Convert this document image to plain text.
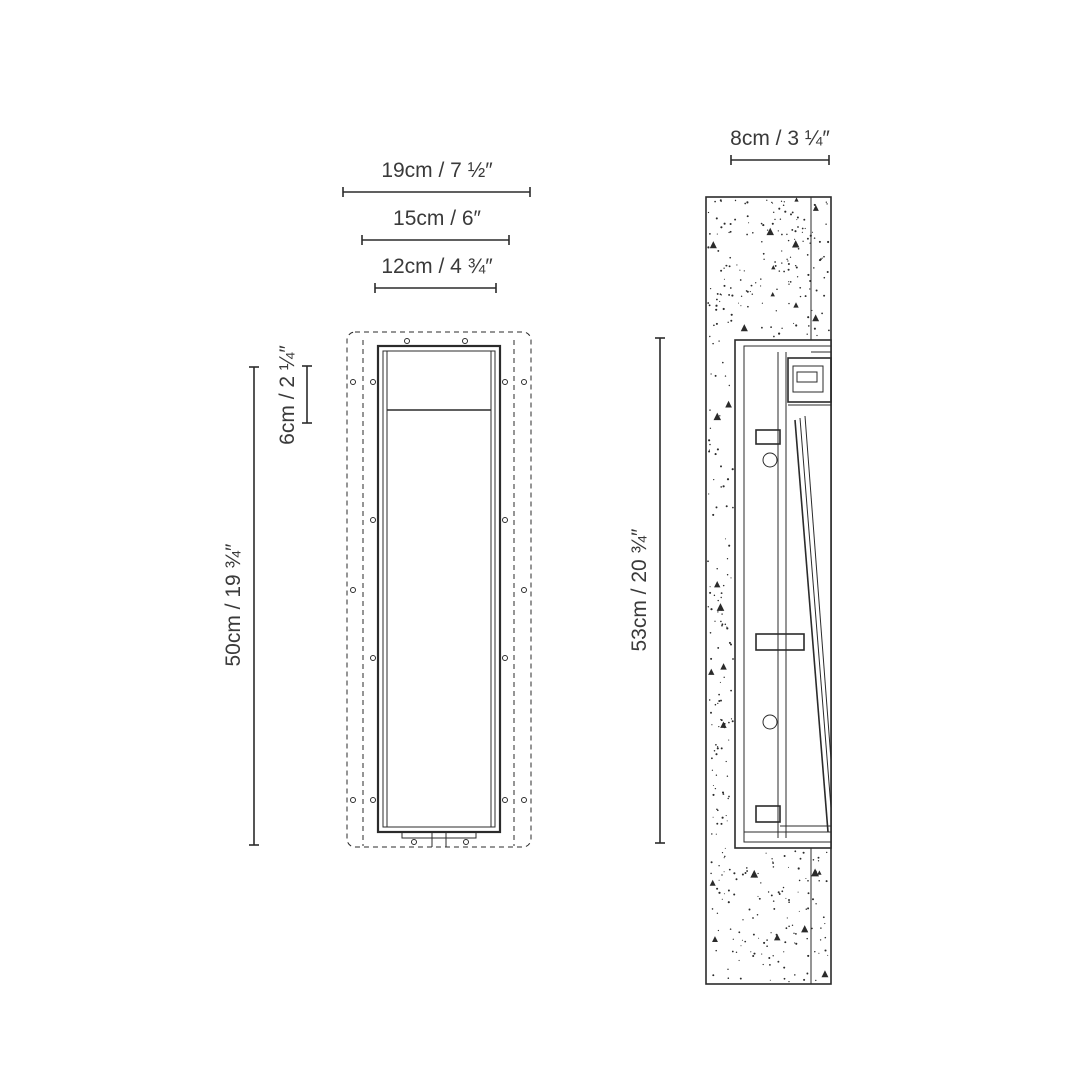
19cm / 7 ½″
15cm / 6″
12cm / 4 ¾″
6cm / 2 ¼″
50cm / 19 ¾″
8cm / 3 ¼″
53cm / 20 ¾″
